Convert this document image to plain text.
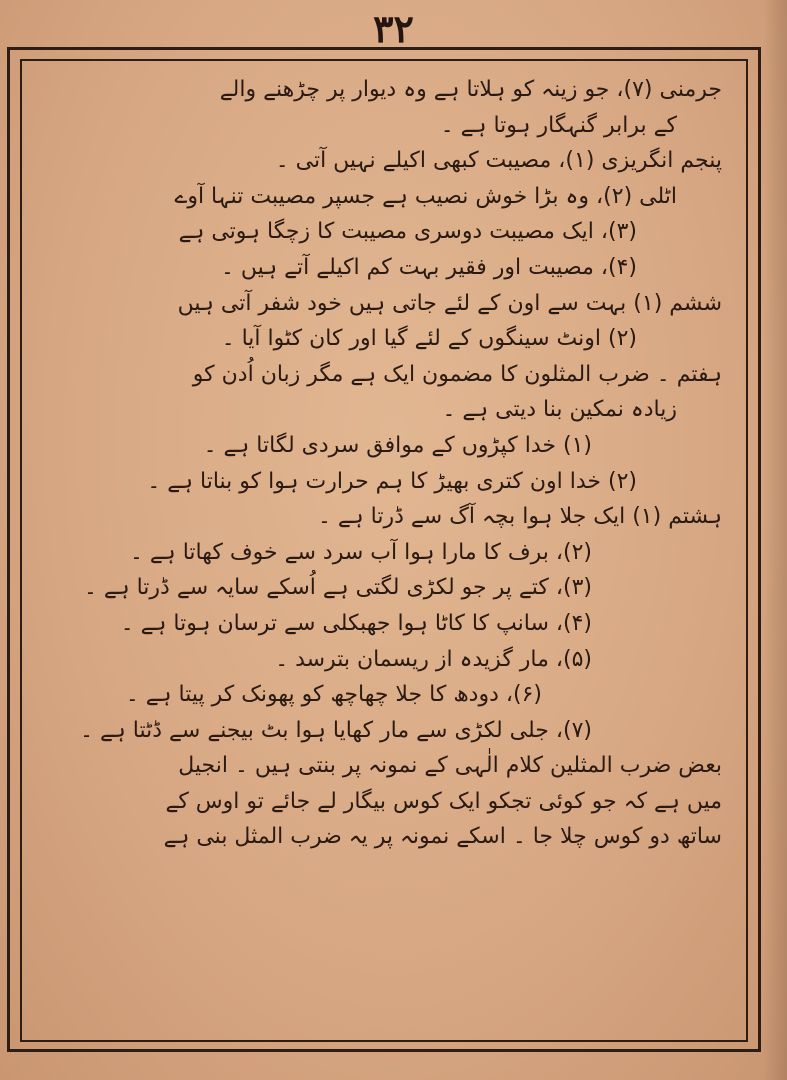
۳۲
جرمنی (۷)، جو زینہ کو ہلاتا ہے وہ دیوار پر چڑھنے والے
کے برابر گنہگار ہوتا ہے ۔
پنجم انگریزی (۱)، مصیبت کبھی اکیلے نہیں آتی ۔
اٹلی (۲)، وہ بڑا خوش نصیب ہے جسپر مصیبت تنہا آوے
(۳)، ایک مصیبت دوسری مصیبت کا زچگا ہوتی ہے
(۴)، مصیبت اور فقیر بہت کم اکیلے آتے ہیں ۔
ششم (۱) بہت سے اون کے لئے جاتی ہیں خود شفر آتی ہیں
(۲) اونٹ سینگوں کے لئے گیا اور کان کٹوا آیا ۔
ہفتم ۔ ضرب المثلون کا مضمون ایک ہے مگر زبان اُدن کو
زیادہ نمکین بنا دیتی ہے ۔
(۱) خدا کپڑوں کے موافق سردی لگاتا ہے ۔
(۲) خدا اون کتری بھیڑ کا ہم حرارت ہوا کو بناتا ہے ۔
ہشتم (۱) ایک جلا ہوا بچہ آگ سے ڈرتا ہے ۔
(۲)، برف کا مارا ہوا آب سرد سے خوف کھاتا ہے ۔
(۳)، کتے پر جو لکڑی لگتی ہے اُسکے سایہ سے ڈرتا ہے ۔
(۴)، سانپ کا کاٹا ہوا جھبکلی سے ترسان ہوتا ہے ۔
(۵)، مار گزیدہ از ریسمان بترسد ۔
(۶)، دودھ کا جلا چھاچھ کو پھونک کر پیتا ہے ۔
(۷)، جلی لکڑی سے مار کھایا ہوا بٹ بیجنے سے ڈٹتا ہے ۔
بعض ضرب المثلین کلام الٰہی کے نمونہ پر بنتی ہیں ۔ انجیل
میں ہے کہ جو کوئی تجکو ایک کوس بیگار لے جائے تو اوس کے
ساتھ دو کوس چلا جا ۔ اسکے نمونہ پر یہ ضرب المثل بنی ہے
